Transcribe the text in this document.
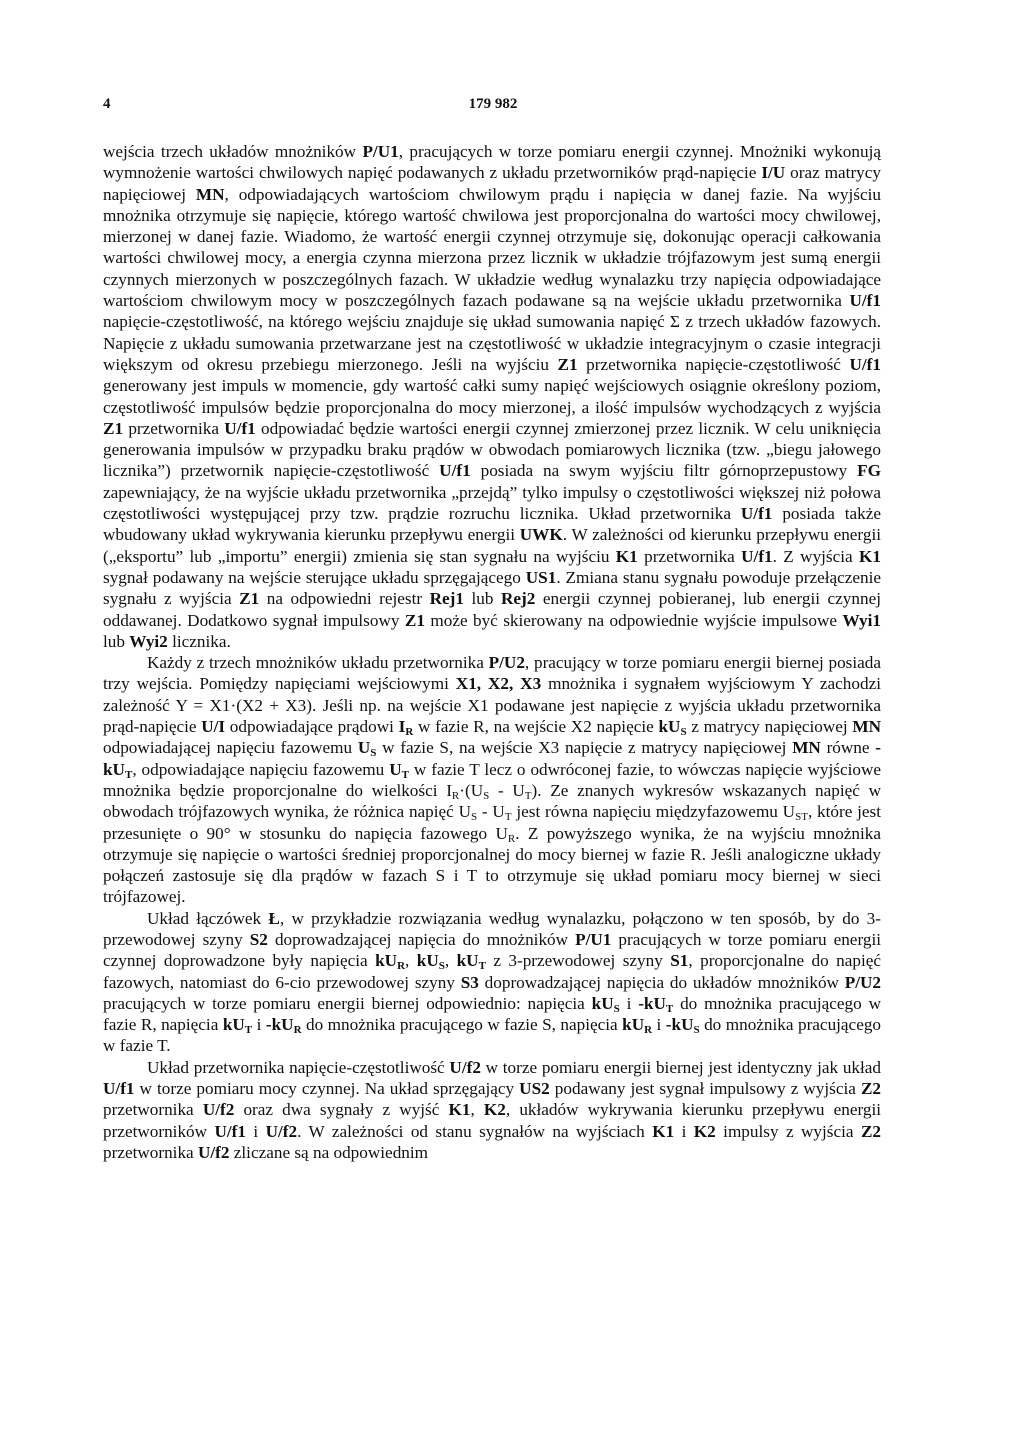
4	179 982

wejścia trzech układów mnożników P/U1, pracujących w torze pomiaru energii czynnej. Mnożniki wykonują wymnożenie wartości chwilowych napięć podawanych z układu przetworników prąd-napięcie I/U oraz matrycy napięciowej MN, odpowiadających wartościom chwilowym prądu i napięcia w danej fazie. Na wyjściu mnożnika otrzymuje się napięcie, którego wartość chwilowa jest proporcjonalna do wartości mocy chwilowej, mierzonej w danej fazie. Wiadomo, że wartość energii czynnej otrzymuje się, dokonując operacji całkowania wartości chwilowej mocy, a energia czynna mierzona przez licznik w układzie trójfazowym jest sumą energii czynnych mierzonych w poszczególnych fazach. W układzie według wynalazku trzy napięcia odpowiadające wartościom chwilowym mocy w poszczególnych fazach podawane są na wejście układu przetwornika U/f1 napięcie-częstotliwość, na którego wejściu znajduje się układ sumowania napięć Σ z trzech układów fazowych. Napięcie z układu sumowania przetwarzane jest na częstotliwość w układzie integracyjnym o czasie integracji większym od okresu przebiegu mierzonego. Jeśli na wyjściu Z1 przetwornika napięcie-częstotliwość U/f1 generowany jest impuls w momencie, gdy wartość całki sumy napięć wejściowych osiągnie określony poziom, częstotliwość impulsów będzie proporcjonalna do mocy mierzonej, a ilość impulsów wychodzących z wyjścia Z1 przetwornika U/f1 odpowiadać będzie wartości energii czynnej zmierzonej przez licznik. W celu uniknięcia generowania impulsów w przypadku braku prądów w obwodach pomiarowych licznika (tzw. „biegu jałowego licznika”) przetwornik napięcie-częstotliwość U/f1 posiada na swym wyjściu filtr górnoprzepustowy FG zapewniający, że na wyjście układu przetwornika „przejdą” tylko impulsy o częstotliwości większej niż połowa częstotliwości występującej przy tzw. prądzie rozruchu licznika. Układ przetwornika U/f1 posiada także wbudowany układ wykrywania kierunku przepływu energii UWK. W zależności od kierunku przepływu energii („eksportu” lub „importu” energii) zmienia się stan sygnału na wyjściu K1 przetwornika U/f1. Z wyjścia K1 sygnał podawany na wejście sterujące układu sprzęgającego US1. Zmiana stanu sygnału powoduje przełączenie sygnału z wyjścia Z1 na odpowiedni rejestr Rej1 lub Rej2 energii czynnej pobieranej, lub energii czynnej oddawanej. Dodatkowo sygnał impulsowy Z1 może być skierowany na odpowiednie wyjście impulsowe Wyi1 lub Wyi2 licznika.

Każdy z trzech mnożników układu przetwornika P/U2, pracujący w torze pomiaru energii biernej posiada trzy wejścia. Pomiędzy napięciami wejściowymi X1, X2, X3 mnożnika i sygnałem wyjściowym Y zachodzi zależność Y = X1·(X2 + X3). Jeśli np. na wejście X1 podawane jest napięcie z wyjścia układu przetwornika prąd-napięcie U/I odpowiadające prądowi $I_R$ w fazie R, na wejście X2 napięcie $kU_S$ z matrycy napięciowej MN odpowiadającej napięciu fazowemu $U_S$ w fazie S, na wejście X3 napięcie z matrycy napięciowej MN równe $-kU_T$, odpowiadające napięciu fazowemu $U_T$ w fazie T lecz o odwróconej fazie, to wówczas napięcie wyjściowe mnożnika będzie proporcjonalne do wielkości $I_R\cdot(U_S - U_T)$. Ze znanych wykresów wskazanych napięć w obwodach trójfazowych wynika, że różnica napięć $U_S - U_T$ jest równa napięciu międzyfazowemu $U_{ST}$, które jest przesunięte o 90° w stosunku do napięcia fazowego $U_R$. Z powyższego wynika, że na wyjściu mnożnika otrzymuje się napięcie o wartości średniej proporcjonalnej do mocy biernej w fazie R. Jeśli analogiczne układy połączeń zastosuje się dla prądów w fazach S i T to otrzymuje się układ pomiaru mocy biernej w sieci trójfazowej.

Układ łączówek Ł, w przykładzie rozwiązania według wynalazku, połączono w ten sposób, by do 3-przewodowej szyny S2 doprowadzającej napięcia do mnożników P/U1 pracujących w torze pomiaru energii czynnej doprowadzone były napięcia $kU_R$, $kU_S$, $kU_T$ z 3-przewodowej szyny S1, proporcjonalne do napięć fazowych, natomiast do 6-cio przewodowej szyny S3 doprowadzającej napięcia do układów mnożników P/U2 pracujących w torze pomiaru energii biernej odpowiednio: napięcia $kU_S$ i $-kU_T$ do mnożnika pracującego w fazie R, napięcia $kU_T$ i $-kU_R$ do mnożnika pracującego w fazie S, napięcia $kU_R$ i $-kU_S$ do mnożnika pracującego w fazie T.

Układ przetwornika napięcie-częstotliwość U/f2 w torze pomiaru energii biernej jest identyczny jak układ U/f1 w torze pomiaru mocy czynnej. Na układ sprzęgający US2 podawany jest sygnał impulsowy z wyjścia Z2 przetwornika U/f2 oraz dwa sygnały z wyjść K1, K2, układów wykrywania kierunku przepływu energii przetworników U/f1 i U/f2. W zależności od stanu sygnałów na wyjściach K1 i K2 impulsy z wyjścia Z2 przetwornika U/f2 zliczane są na odpowiednim
